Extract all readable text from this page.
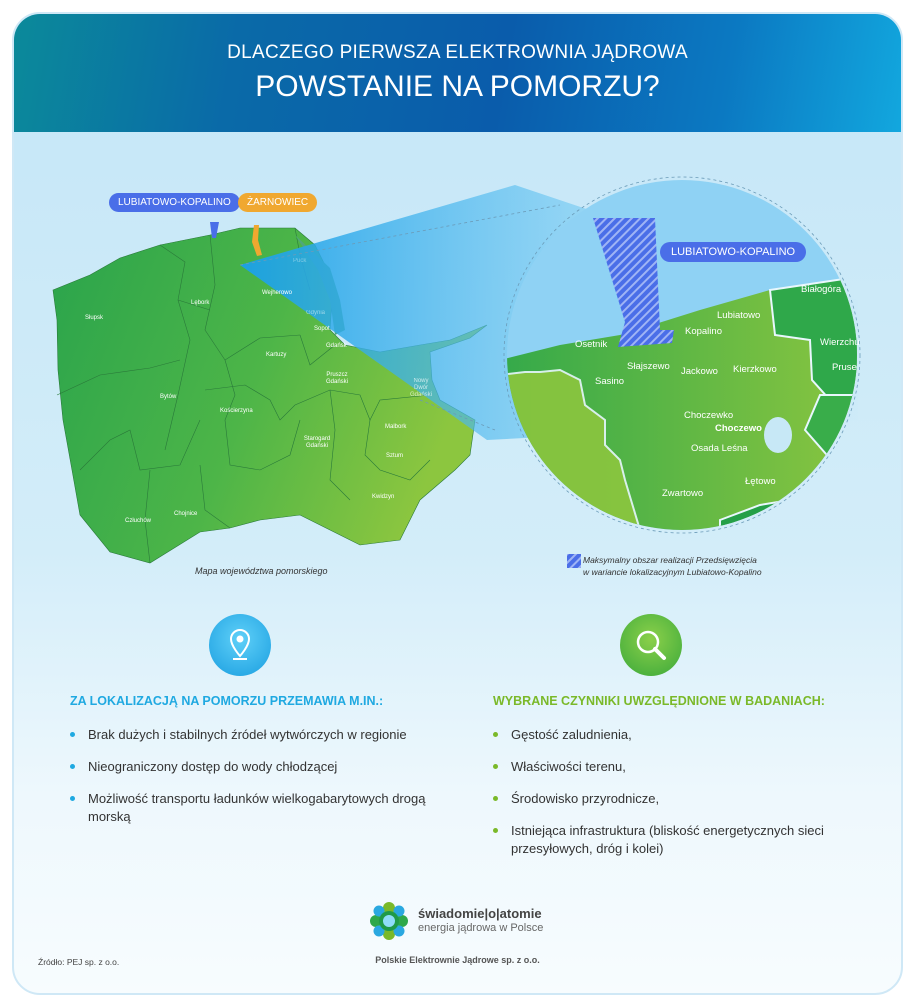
DLACZEGO PIERWSZA ELEKTROWNIA JĄDROWA
POWSTANIE NA POMORZU?
LUBIATOWO-KOPALINO	ŻARNOWIEC
Słupsk
Lębork
Wejherowo
Gdynia
Sopot
Gdańsk
Kartuzy
Pruszcz Gdański	Nowy Dwór Gdański
Bytów
Kościerzyna
Starogard Gdański
Malbork
Sztum
Kwidzyn
Człuchów
Chojnice
Puck
Mapa województwa pomorskiego
LUBIATOWO-KOPALINO
Białogóra
Lubiatowo
Kopalino
Osetnik	Wierzchu
Słajszewo Jackowo Kierzkowo
Sasino
Pruse
Choczewko
Choczewo
Osada Leśna
Łętowo
Zwartowo
Maksymalny obszar realizacji Przedsięwzięcia
w wariancie lokalizacyjnym Lubiatowo-Kopalino
ZA LOKALIZACJĄ NA POMORZU PRZEMAWIA M.IN.:
Brak dużych i stabilnych źródeł wytwórczych w regionie
Nieograniczony dostęp do wody chłodzącej
Możliwość transportu ładunków wielkogabarytowych drogą morską
WYBRANE CZYNNIKI UWZGLĘDNIONE W BADANIACH:
Gęstość zaludnienia,
Właściwości terenu,
Środowisko przyrodnicze,
Istniejąca infrastruktura (bliskość energetycznych sieci przesyłowych, dróg i kolei)
świadomie|o|atomie
energia jądrowa w Polsce
Polskie Elektrownie Jądrowe sp. z o.o.
Źródło: PEJ sp. z o.o.
